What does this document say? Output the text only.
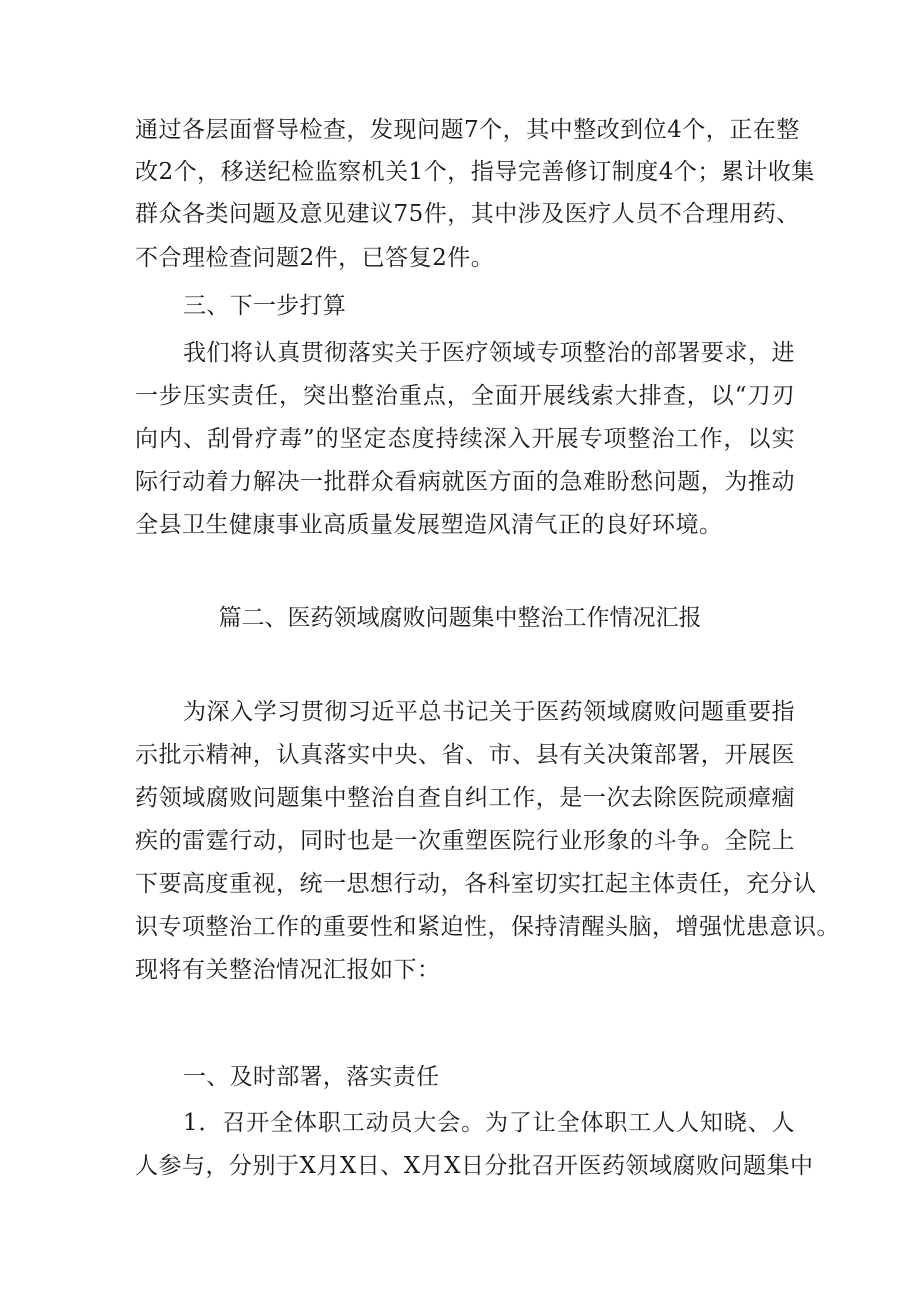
通过各层面督导检查，发现问题7个，其中整改到位4个，正在整
改2个，移送纪检监察机关1个，指导完善修订制度4个；累计收集
群众各类问题及意见建议75件，其中涉及医疗人员不合理用药、
不合理检查问题2件，已答复2件。
三、下一步打算
我们将认真贯彻落实关于医疗领域专项整治的部署要求，进
一步压实责任，突出整治重点，全面开展线索大排查，以“刀刃
向内、刮骨疗毒”的坚定态度持续深入开展专项整治工作，以实
际行动着力解决一批群众看病就医方面的急难盼愁问题，为推动
全县卫生健康事业高质量发展塑造风清气正的良好环境。
篇二、医药领域腐败问题集中整治工作情况汇报
为深入学习贯彻习近平总书记关于医药领域腐败问题重要指
示批示精神，认真落实中央、省、市、县有关决策部署，开展医
药领域腐败问题集中整治自查自纠工作，是一次去除医院顽瘴痼
疾的雷霆行动，同时也是一次重塑医院行业形象的斗争。全院上
下要高度重视，统一思想行动，各科室切实扛起主体责任，充分认
识专项整治工作的重要性和紧迫性，保持清醒头脑，增强忧患意识。
现将有关整治情况汇报如下：
一、及时部署，落实责任
1．召开全体职工动员大会。为了让全体职工人人知晓、人
人参与，分别于X月X日、X月X日分批召开医药领域腐败问题集中
